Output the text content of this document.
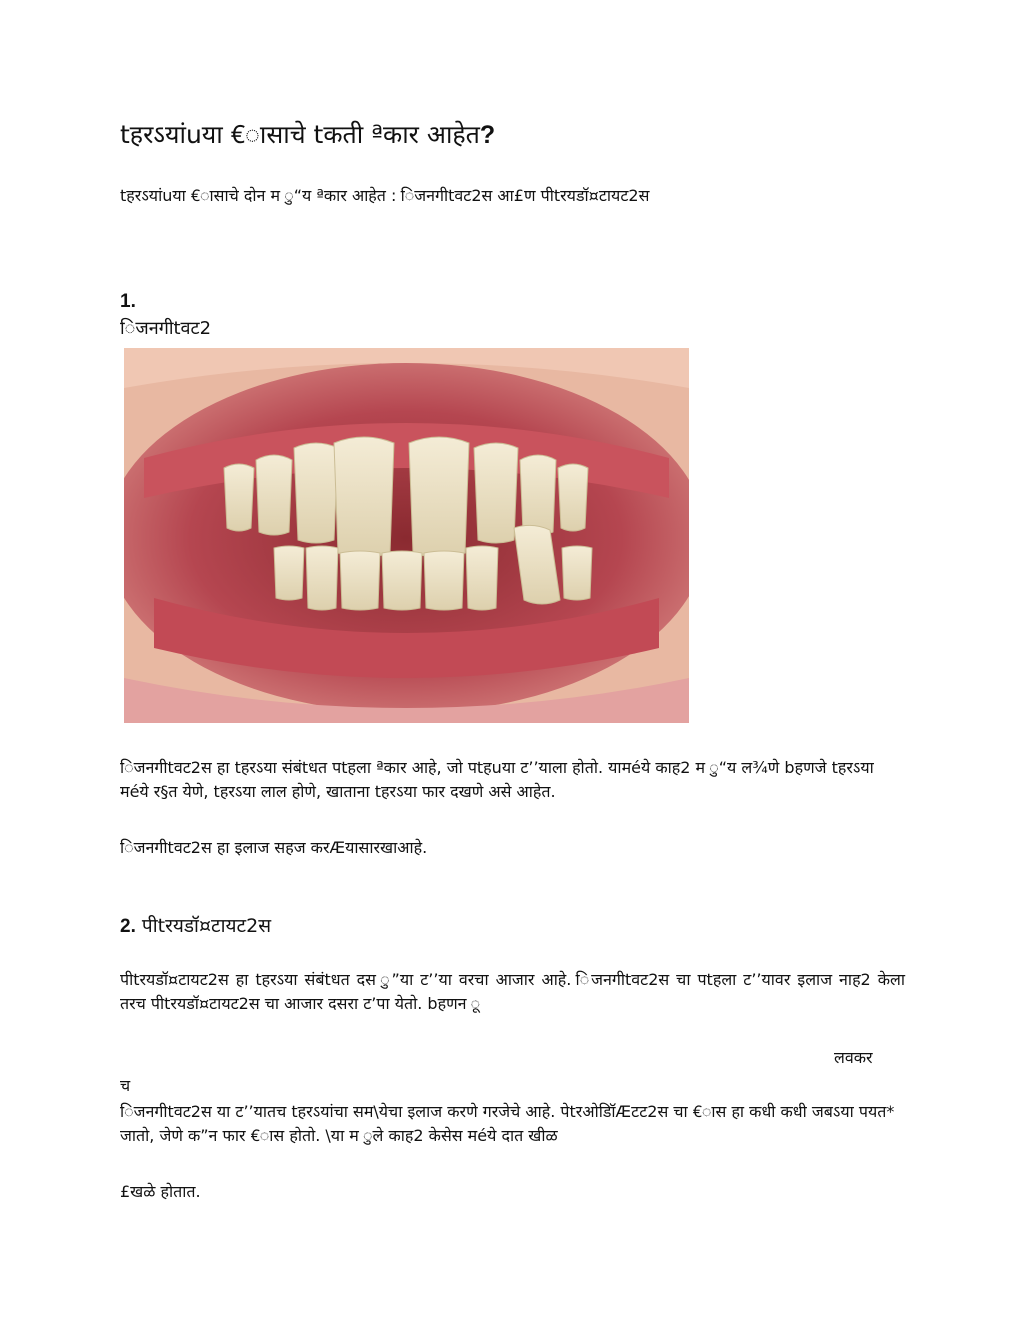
tहरऽयांuया €ासाचे tकती ªकार आहेत?

tहरऽयांuया €ासाचे दोन म ु“य ªकार आहेत : िजनगीtवट2स आ£ण पीtरयडॉ¤टायट2स

1.
िजनगीtवट2

िजनगीtवट2स हा tहरऽया संबंtधत पtहला ªकार आहे, जो पtहuया ट’’याला होतो. यामéये काह2 म ु“य ल¾णे bहणजे tहरऽया मéये र§त येणे, tहरऽया लाल होणे, खाताना tहरऽया फार दखणे असे आहेत.

िजनगीtवट2स हा इलाज सहज करÆयासारखाआहे.

2. पीtरयडॉ¤टायट2स

पीtरयडॉ¤टायट2स हा tहरऽया संबंtधत दस ु”या ट’’या वरचा आजार आहे. िजनगीtवट2स चा पtहला ट’’यावर इलाज नाह2 केला तरच पीtरयडॉ¤टायट2स चा आजार दसरा ट’पा येतो. bहणन ू

लवकर
च

िजनगीtवट2स या ट’’यातच tहरऽयांचा सम\येचा इलाज करणे गरजेचे आहे. पेtरओडॉिÆटट2स चा €ास हा कधी कधी जबऽया पयत* जातो, जेणे क”न फार €ास होतो. \या म ुले काह2 केसेस मéये दात खीळ

£खळे होतात.
